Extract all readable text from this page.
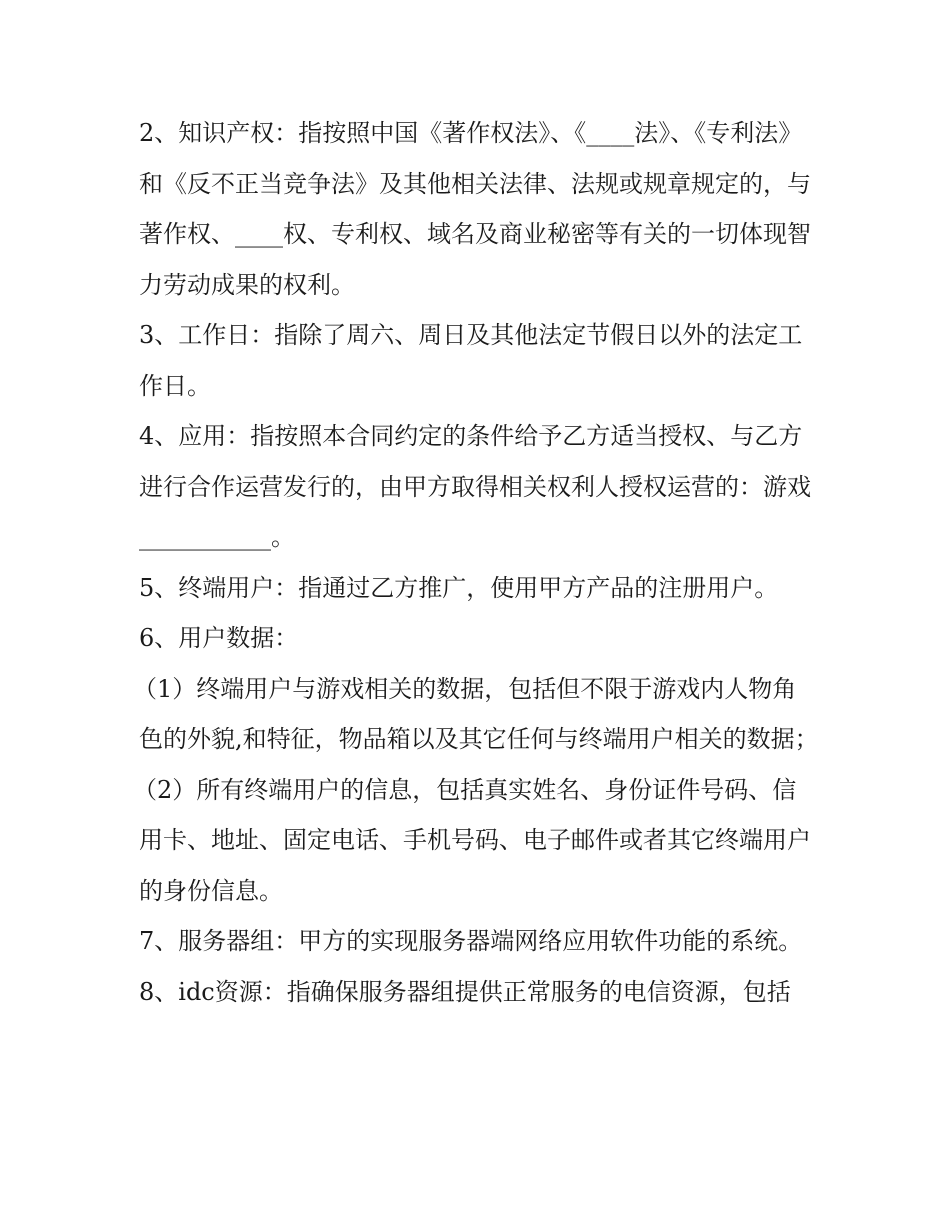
2、知识产权：指按照中国《著作权法》、《____法》、《专利法》和《反不正当竞争法》及其他相关法律、法规或规章规定的，与著作权、____权、专利权、域名及商业秘密等有关的一切体现智力劳动成果的权利。

3、工作日：指除了周六、周日及其他法定节假日以外的法定工作日。

4、应用：指按照本合同约定的条件给予乙方适当授权、与乙方进行合作运营发行的，由甲方取得相关权利人授权运营的：游戏___________。

5、终端用户：指通过乙方推广，使用甲方产品的注册用户。

6、用户数据：

（1）终端用户与游戏相关的数据，包括但不限于游戏内人物角色的外貌,和特征，物品箱以及其它任何与终端用户相关的数据；

（2）所有终端用户的信息，包括真实姓名、身份证件号码、信用卡、地址、固定电话、手机号码、电子邮件或者其它终端用户的身份信息。

7、服务器组：甲方的实现服务器端网络应用软件功能的系统。

8、idc资源：指确保服务器组提供正常服务的电信资源，包括
